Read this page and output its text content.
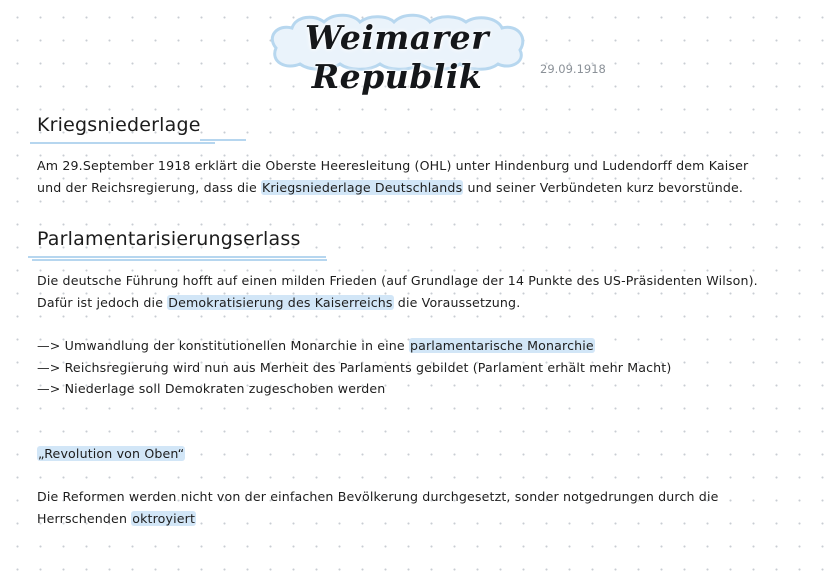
Weimarer Republik	29.09.1918
Kriegsniederlage
Am 29.September 1918 erklärt die Oberste Heeresleitung (OHL) unter Hindenburg und Ludendorff dem Kaiser
und der Reichsregierung, dass die Kriegsniederlage Deutschlands und seiner Verbündeten kurz bevorstünde.
Parlamentarisierungserlass
Die deutsche Führung hofft auf einen milden Frieden (auf Grundlage der 14 Punkte des US-Präsidenten Wilson).
Dafür ist jedoch die Demokratisierung des Kaiserreichs die Voraussetzung.
—> Umwandlung der konstitutionellen Monarchie in eine parlamentarische Monarchie
—> Reichsregierung wird nun aus Merheit des Parlaments gebildet (Parlament erhält mehr Macht)
—> Niederlage soll Demokraten zugeschoben werden
„Revolution von Oben“
Die Reformen werden nicht von der einfachen Bevölkerung durchgesetzt, sonder notgedrungen durch die
Herrschenden oktroyiert
